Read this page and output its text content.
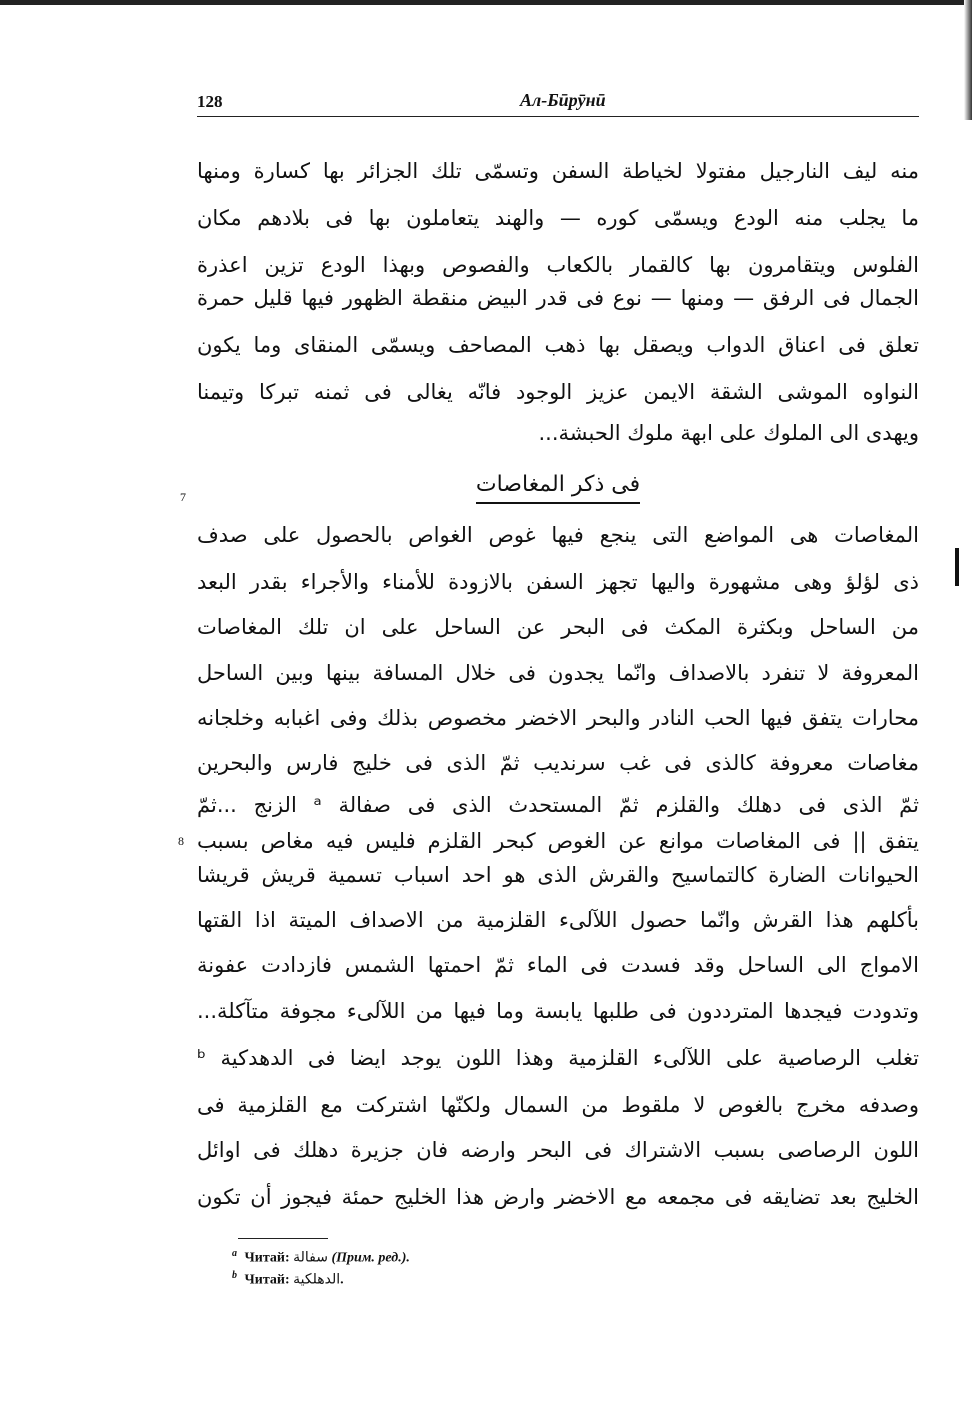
128	Ал-Бӣрӯнӣ
منه ليف النارجيل مفتولا لخياطة السفن وتسمّى تلك الجزائر بها كسارة ومنها
ما يجلب منه الودع ويسمّى كوره — والهند يتعاملون بها فى بلادهم مكان
الفلوس ويتقامرون بها كالقمار بالكعاب والفصوص وبهذا الودع تزين اعذرة
الجمال فى الرفق — ومنها — نوع فى قدر البيض منقطة الظهور فيها قليل حمرة
تعلق فى اعناق الدواب ويصقل بها ذهب المصاحف ويسمّى المنقاى وما يكون
النواوه الموشى الشقة الايمن عزيز الوجود فانّه يغالى فى ثمنه تبركا وتيمنا
ويهدى الى الملوك على ابهة ملوك الحبشة...
فى ذكر المغاصات
7
المغاصات هى المواضع التى ينجع فيها غوص الغواص بالحصول على صدف
ذى لؤلؤ وهى مشهورة واليها تجهز السفن بالازودة للأمناء والأجراء بقدر البعد
من الساحل وبكثرة المكث فى البحر عن الساحل على ان تلك المغاصات
المعروفة لا تنفرد بالاصداف وانّما يجدون فى خلال المسافة بينها وبين الساحل
محارات يتفق فيها الحب النادر والبحر الاخضر مخصوص بذلك وفى اغبابه وخلجانه
مغاصات معروفة كالذى فى غب سرنديب ثمّ الذى فى خليج فارس والبحرين
ثمّ الذى فى دهلك والقلزم ثمّ المستحدث الذى فى صفالة ᵃ الزنج ...ثمّ
يتفق || فى المغاصات موانع عن الغوص كبحر القلزم فليس فيه مغاص بسبب
8
الحيوانات الضارة كالتماسيح والقرش الذى هو احد اسباب تسمية قريش قريشا
بأكلهم هذا القرش وانّما حصول اللآلىء القلزمية من الاصداف الميتة اذا القتها
الامواج الى الساحل وقد فسدت فى الماء ثمّ احمتها الشمس فازدادت عفونة
وتدودت فيجدها المترددون فى طلبها يابسة وما فيها من اللآلىء مجوفة متآكلة...
تغلب الرصاصية على اللآلىء القلزمية وهذا اللون يوجد ايضا فى الدهدكية ᵇ
وصدفه مخرج بالغوص لا ملقوط من السمال ولكنّها اشتركت مع القلزمية فى
اللون الرصاصى بسبب الاشتراك فى البحر وارضه فان جزيرة دهلك فى اوائل
الخليج بعد تضايقه فى مجمعه مع الاخضر وارض هذا الخليج حمئة فيجوز أن تكون
$^a$ Читай: سفالة (Прим. ред.).
$^b$ Читай: الدهلكية.
